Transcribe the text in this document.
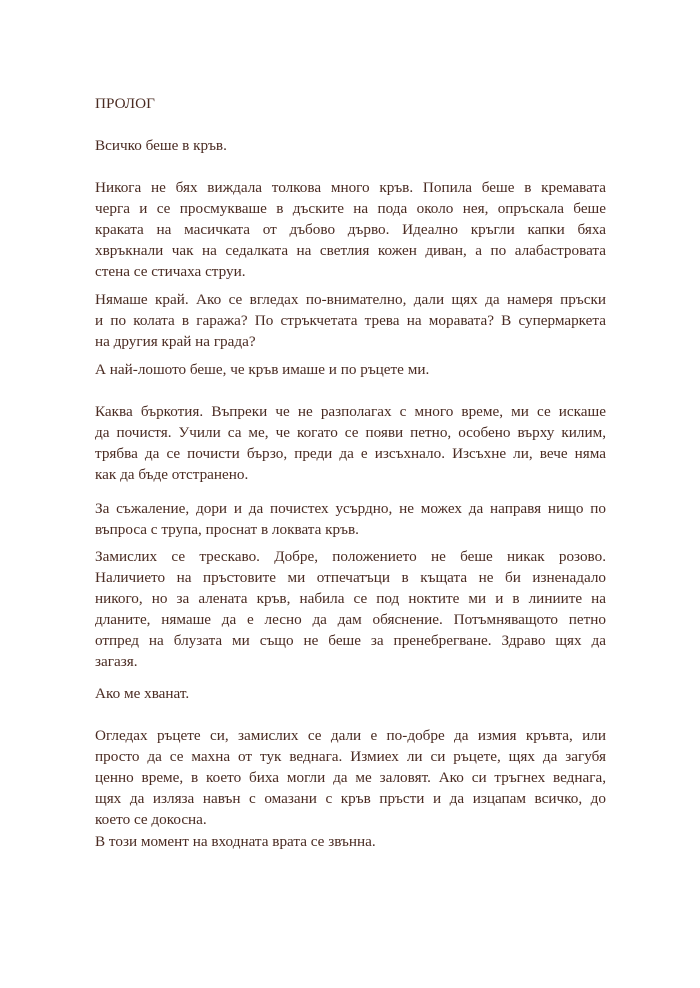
ПРОЛОГ
Всичко беше в кръв.
Никога не бях виждала толкова много кръв. Попила беше в кремавата
черга и се просмукваше в дъските на пода около нея, опръскала беше
краката на масичката от дъбово дърво. Идеално кръгли капки бяха
хвръкнали чак на седалката на светлия кожен диван, а по алабастровата
стена се стичаха струи.
Нямаше край. Ако се вгледах по-внимателно, дали щях да намеря пръски
и по колата в гаража? По стръкчетата трева на моравата? В супермаркета
на другия край на града?
А най-лошото беше, че кръв имаше и по ръцете ми.
Каква бъркотия. Въпреки че не разполагах с много време, ми се искаше
да почистя. Учили са ме, че когато се появи петно, особено върху килим,
трябва да се почисти бързо, преди да е изсъхнало. Изсъхне ли, вече няма
как да бъде отстранено.
За съжаление, дори и да почистех усърдно, не можех да направя нищо по
въпроса с трупа, проснат в локвата кръв.
Замислих се трескаво. Добре, положението не беше никак розово.
Наличието на пръстовите ми отпечатъци в къщата не би изненадало
никого, но за алената кръв, набила се под ноктите ми и в линиите на
дланите, нямаше да е лесно да дам обяснение. Потъмняващото петно
отпред на блузата ми също не беше за пренебрегване. Здраво щях да
загазя.
Ако ме хванат.
Огледах ръцете си, замислих се дали е по-добре да измия кръвта, или
просто да се махна от тук веднага. Измиех ли си ръцете, щях да загубя
ценно време, в което биха могли да ме заловят. Ако си тръгнех веднага,
щях да изляза навън с омазани с кръв пръсти и да изцапам всичко, до
което се докосна.
В този момент на входната врата се звънна.
